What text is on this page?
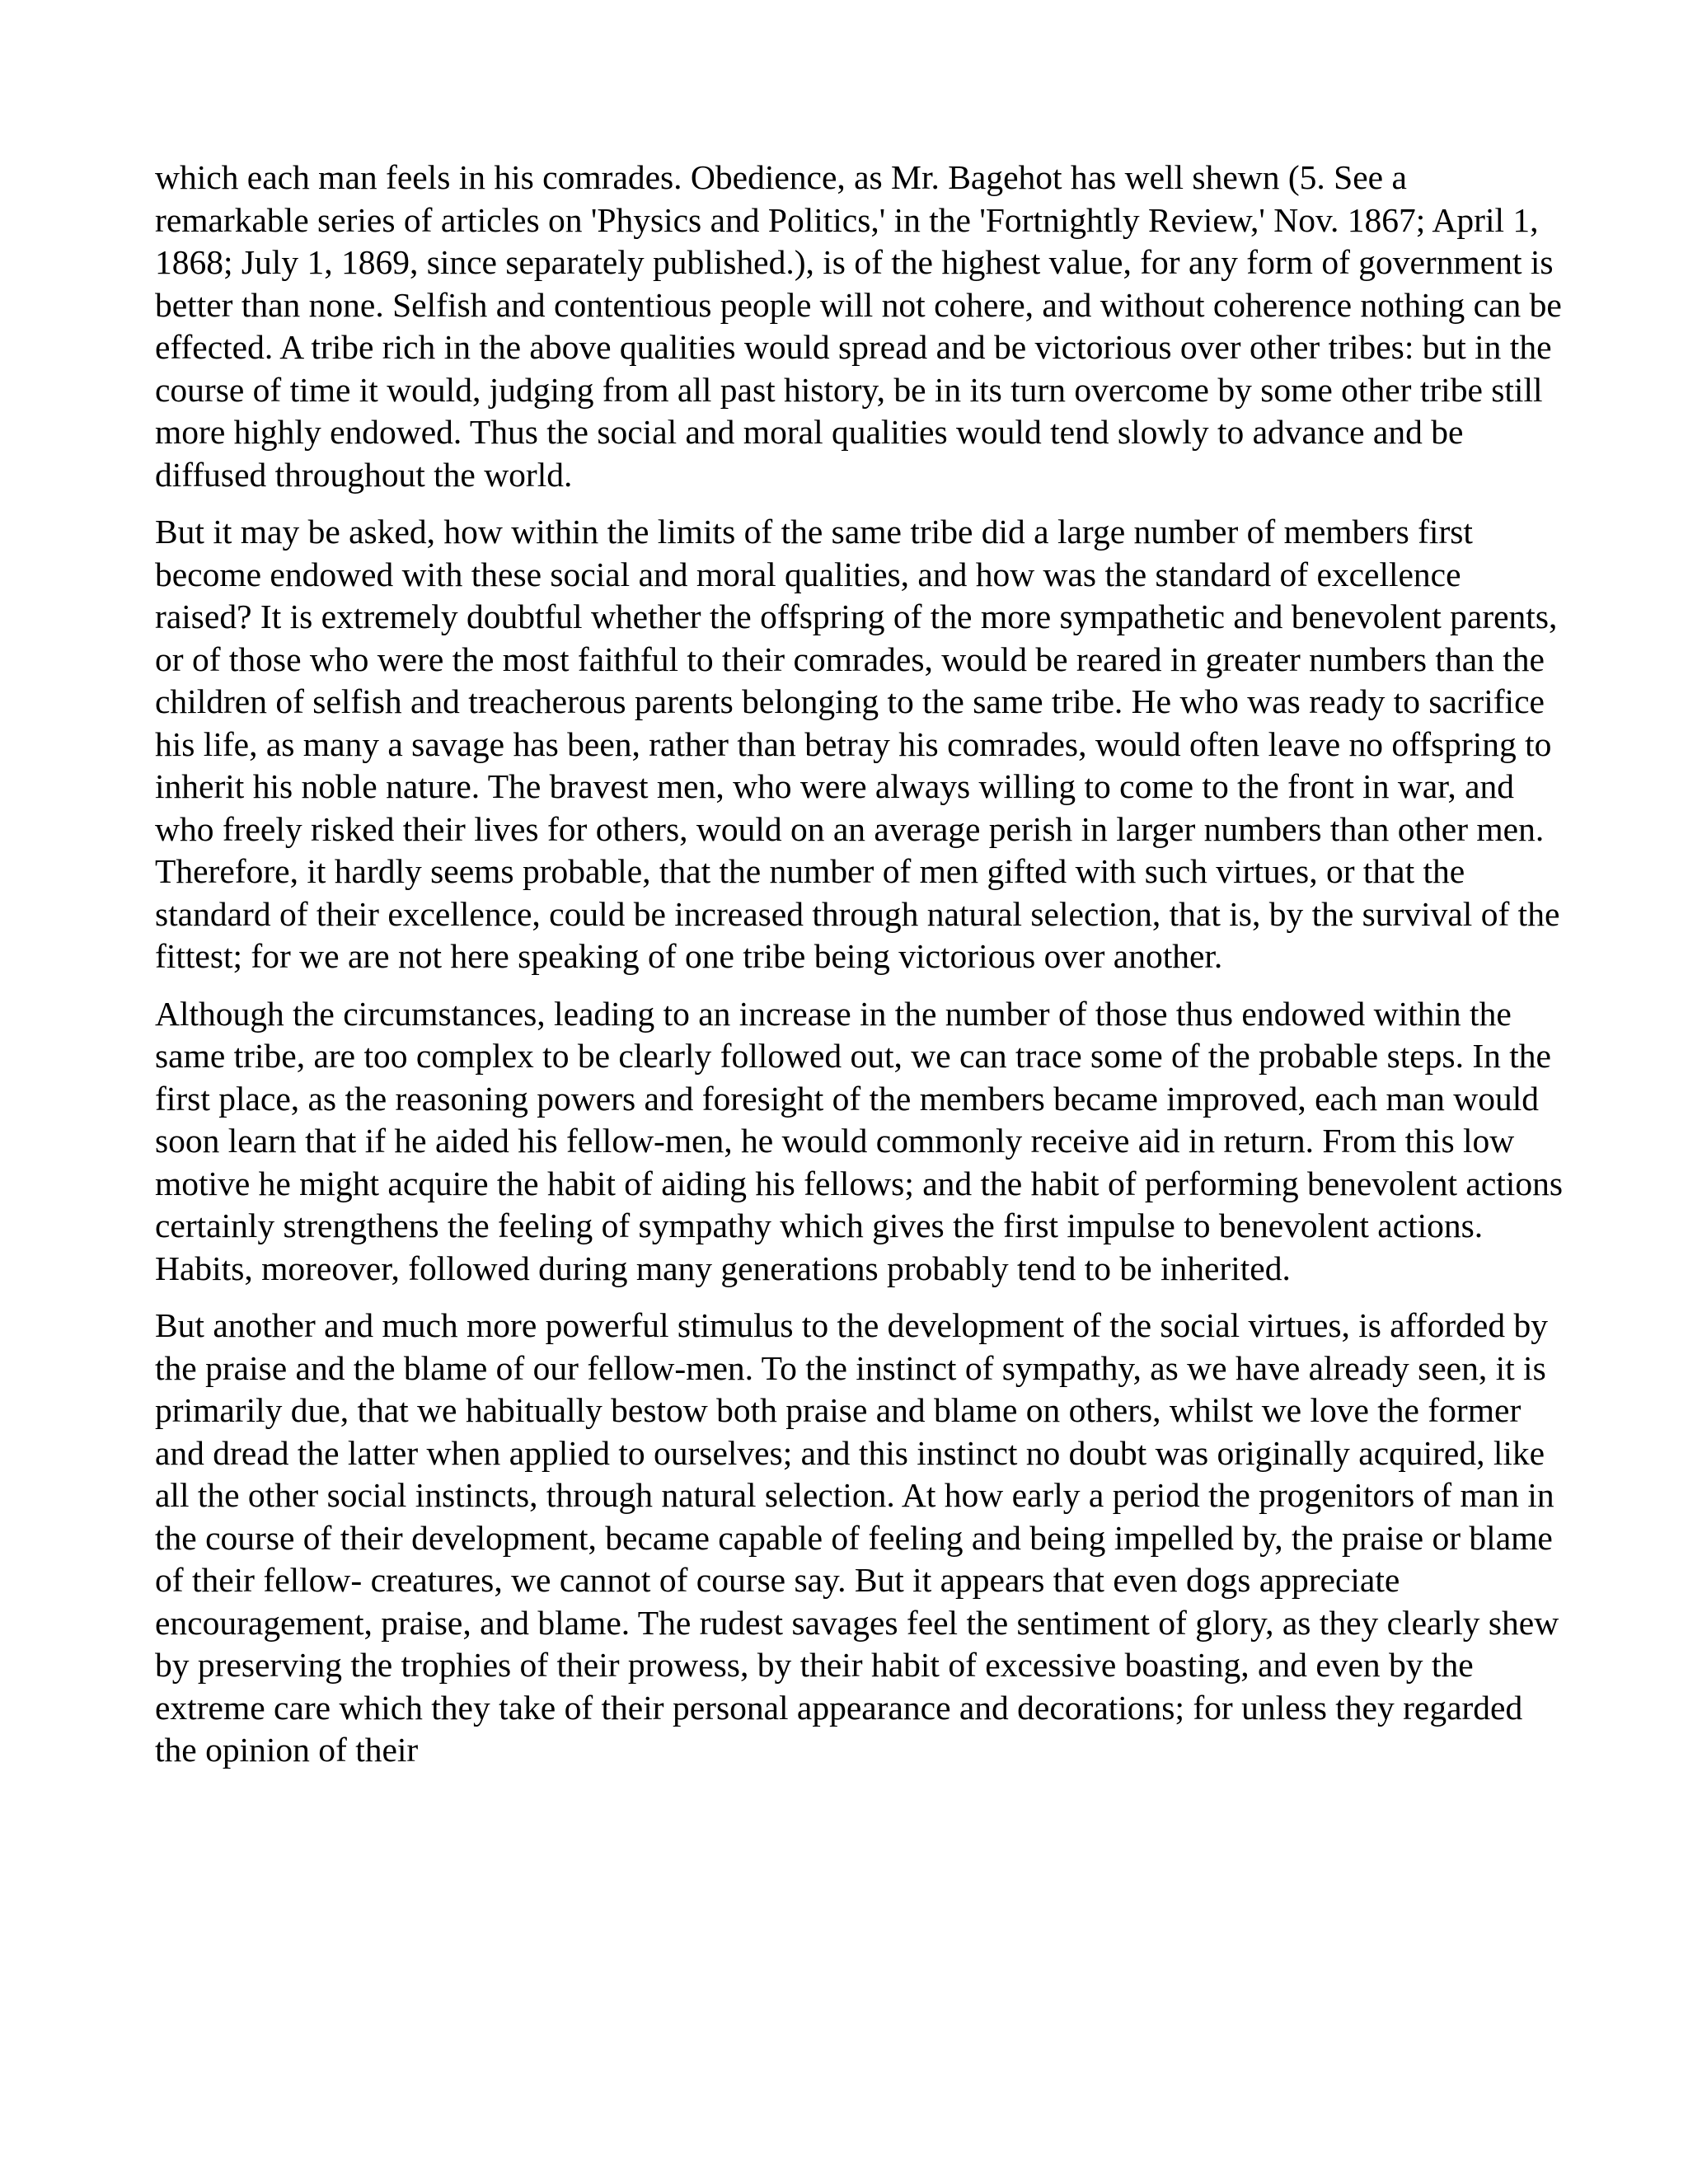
which each man feels in his comrades. Obedience, as Mr. Bagehot has well shewn (5. See a remarkable series of articles on 'Physics and Politics,' in the 'Fortnightly Review,' Nov. 1867; April 1, 1868; July 1, 1869, since separately published.), is of the highest value, for any form of government is better than none. Selfish and contentious people will not cohere, and without coherence nothing can be effected. A tribe rich in the above qualities would spread and be victorious over other tribes: but in the course of time it would, judging from all past history, be in its turn overcome by some other tribe still more highly endowed. Thus the social and moral qualities would tend slowly to advance and be diffused throughout the world.

But it may be asked, how within the limits of the same tribe did a large number of members first become endowed with these social and moral qualities, and how was the standard of excellence raised? It is extremely doubtful whether the offspring of the more sympathetic and benevolent parents, or of those who were the most faithful to their comrades, would be reared in greater numbers than the children of selfish and treacherous parents belonging to the same tribe. He who was ready to sacrifice his life, as many a savage has been, rather than betray his comrades, would often leave no offspring to inherit his noble nature. The bravest men, who were always willing to come to the front in war, and who freely risked their lives for others, would on an average perish in larger numbers than other men. Therefore, it hardly seems probable, that the number of men gifted with such virtues, or that the standard of their excellence, could be increased through natural selection, that is, by the survival of the fittest; for we are not here speaking of one tribe being victorious over another.

Although the circumstances, leading to an increase in the number of those thus endowed within the same tribe, are too complex to be clearly followed out, we can trace some of the probable steps. In the first place, as the reasoning powers and foresight of the members became improved, each man would soon learn that if he aided his fellow-men, he would commonly receive aid in return. From this low motive he might acquire the habit of aiding his fellows; and the habit of performing benevolent actions certainly strengthens the feeling of sympathy which gives the first impulse to benevolent actions. Habits, moreover, followed during many generations probably tend to be inherited.

But another and much more powerful stimulus to the development of the social virtues, is afforded by the praise and the blame of our fellow-men. To the instinct of sympathy, as we have already seen, it is primarily due, that we habitually bestow both praise and blame on others, whilst we love the former and dread the latter when applied to ourselves; and this instinct no doubt was originally acquired, like all the other social instincts, through natural selection. At how early a period the progenitors of man in the course of their development, became capable of feeling and being impelled by, the praise or blame of their fellow- creatures, we cannot of course say. But it appears that even dogs appreciate encouragement, praise, and blame. The rudest savages feel the sentiment of glory, as they clearly shew by preserving the trophies of their prowess, by their habit of excessive boasting, and even by the extreme care which they take of their personal appearance and decorations; for unless they regarded the opinion of their
